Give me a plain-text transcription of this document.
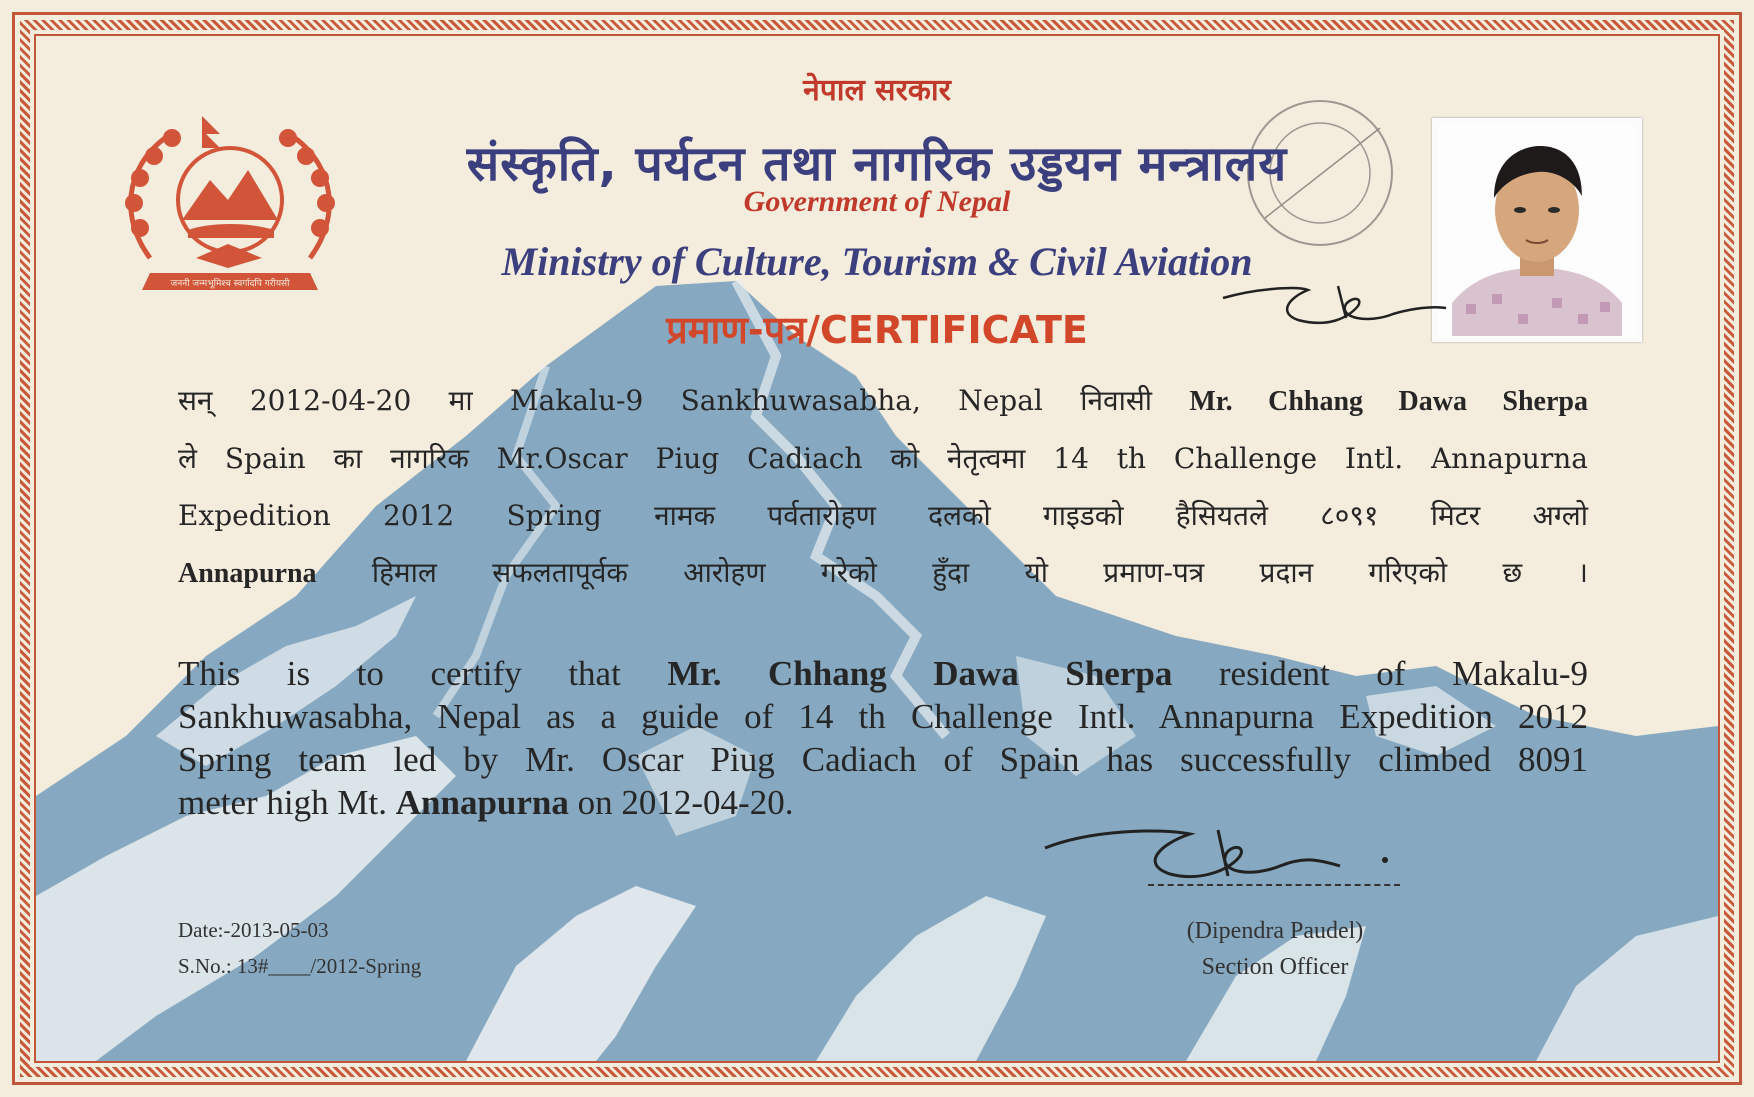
जननी जन्मभूमिश्च स्वर्गादपि गरीयसी
नेपाल सरकार
संस्कृति, पर्यटन तथा नागरिक उड्डयन मन्त्रालय
Government of Nepal
Ministry of Culture, Tourism & Civil Aviation
प्रमाण-पत्र/CERTIFICATE
सन् 2012-04-20 मा Makalu-9 Sankhuwasabha, Nepal निवासी Mr. Chhang Dawa Sherpa
ले Spain का नागरिक Mr.Oscar Piug Cadiach को नेतृत्वमा 14 th Challenge Intl. Annapurna
Expedition 2012 Spring नामक पर्वतारोहण दलको गाइडको हैसियतले ८०९१ मिटर अग्लो
Annapurna हिमाल सफलतापूर्वक आरोहण गरेको हुँदा यो प्रमाण-पत्र प्रदान गरिएको छ ।
This is to certify that Mr. Chhang Dawa Sherpa resident of Makalu-9
Sankhuwasabha, Nepal as a guide of 14 th Challenge Intl. Annapurna Expedition 2012
Spring team led by Mr. Oscar Piug Cadiach of Spain has successfully climbed 8091
meter high Mt. Annapurna on 2012-04-20.
(Dipendra Paudel)
Section Officer
Date:-2013-05-03
S.No.: 13#____/2012-Spring
